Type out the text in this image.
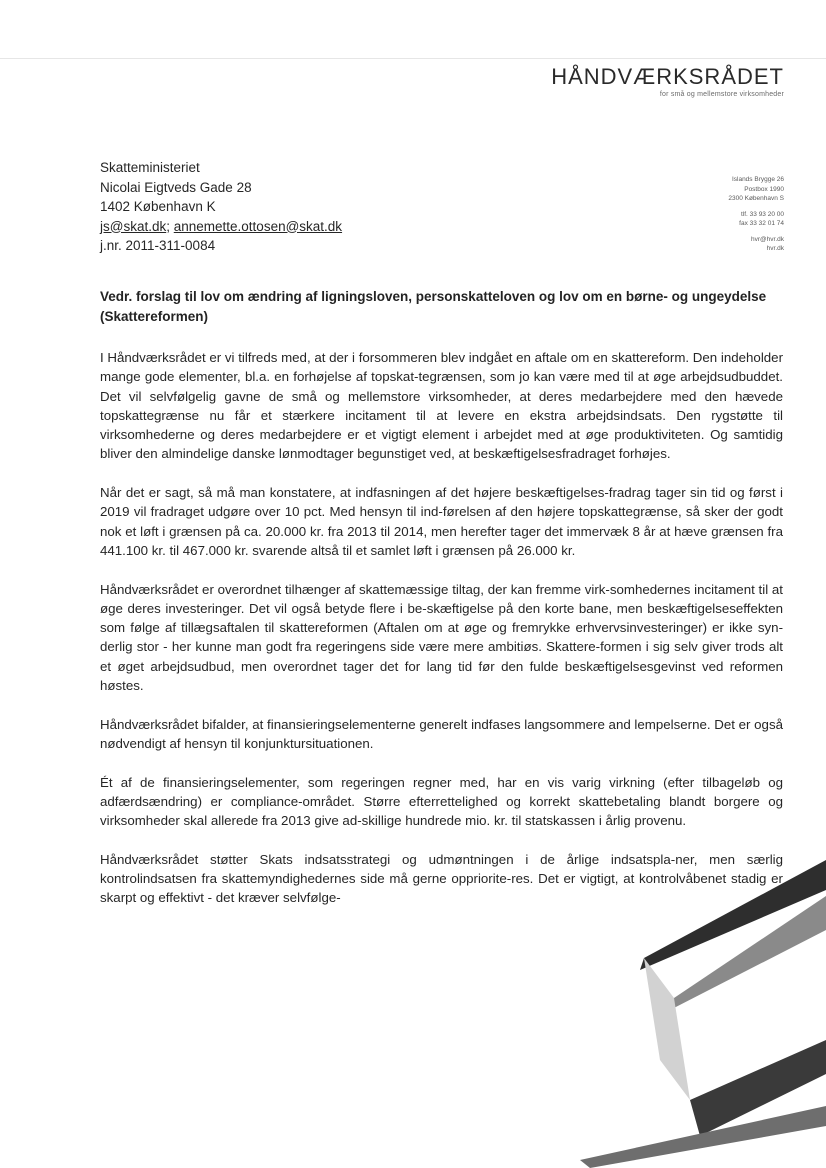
HÅNDVÆRKSRÅDET
for små og mellemstore virksomheder
Skatteministeriet
Nicolai Eigtveds Gade 28
1402 København K
js@skat.dk; annemette.ottosen@skat.dk
j.nr. 2011-311-0084
Islands Brygge 26
Postbox 1990
2300 København S
tlf. 33 93 20 00
fax 33 32 01 74
hvr@hvr.dk
hvr.dk
Vedr. forslag til lov om ændring af ligningsloven, personskatteloven og lov om en børne- og ungeydelse (Skattereformen)

I Håndværksrådet er vi tilfreds med, at der i forsommeren blev indgået en aftale om en skattereform. Den indeholder mange gode elementer, bl.a. en forhøjelse af topskat-tegrænsen, som jo kan være med til at øge arbejdsudbuddet. Det vil selvfølgelig gavne de små og mellemstore virksomheder, at deres medarbejdere med den hævede topskattegrænse nu får et stærkere incitament til at levere en ekstra arbejdsindsats. Den rygstøtte til virksomhederne og deres medarbejdere er et vigtigt element i arbejdet med at øge produktiviteten. Og samtidig bliver den almindelige danske lønmodtager begunstiget ved, at beskæftigelsesfradraget forhøjes.

Når det er sagt, så må man konstatere, at indfasningen af det højere beskæftigelses-fradrag tager sin tid og først i 2019 vil fradraget udgøre over 10 pct. Med hensyn til ind-førelsen af den højere topskattegrænse, så sker der godt nok et løft i grænsen på ca. 20.000 kr. fra 2013 til 2014, men herefter tager det immervæk 8 år at hæve grænsen fra 441.100 kr. til 467.000 kr. svarende altså til et samlet løft i grænsen på 26.000 kr.

Håndværksrådet er overordnet tilhænger af skattemæssige tiltag, der kan fremme virk-somhedernes incitament til at øge deres investeringer. Det vil også betyde flere i be-skæftigelse på den korte bane, men beskæftigelseseffekten som følge af tillægsaftalen til skattereformen (Aftalen om at øge og fremrykke erhvervsinvesteringer) er ikke syn-derlig stor - her kunne man godt fra regeringens side være mere ambitiøs. Skattere-formen i sig selv giver trods alt et øget arbejdsudbud, men overordnet tager det for lang tid før den fulde beskæftigelsesgevinst ved reformen høstes.

Håndværksrådet bifalder, at finansieringselementerne generelt indfases langsommere and lempelserne. Det er også nødvendigt af hensyn til konjunktursituationen.

Ét af de finansieringselementer, som regeringen regner med, har en vis varig virkning (efter tilbageløb og adfærdsændring) er compliance-området. Større efterrettelighed og korrekt skattebetaling blandt borgere og virksomheder skal allerede fra 2013 give ad-skillige hundrede mio. kr. til statskassen i årlig provenu.

Håndværksrådet støtter Skats indsatsstrategi og udmøntningen i de årlige indsatspla-ner, men særlig kontrolindsatsen fra skattemyndighedernes side må gerne oppriorite-res. Det er vigtigt, at kontrolvåbenet stadig er skarpt og effektivt - det kræver selvfølge-
